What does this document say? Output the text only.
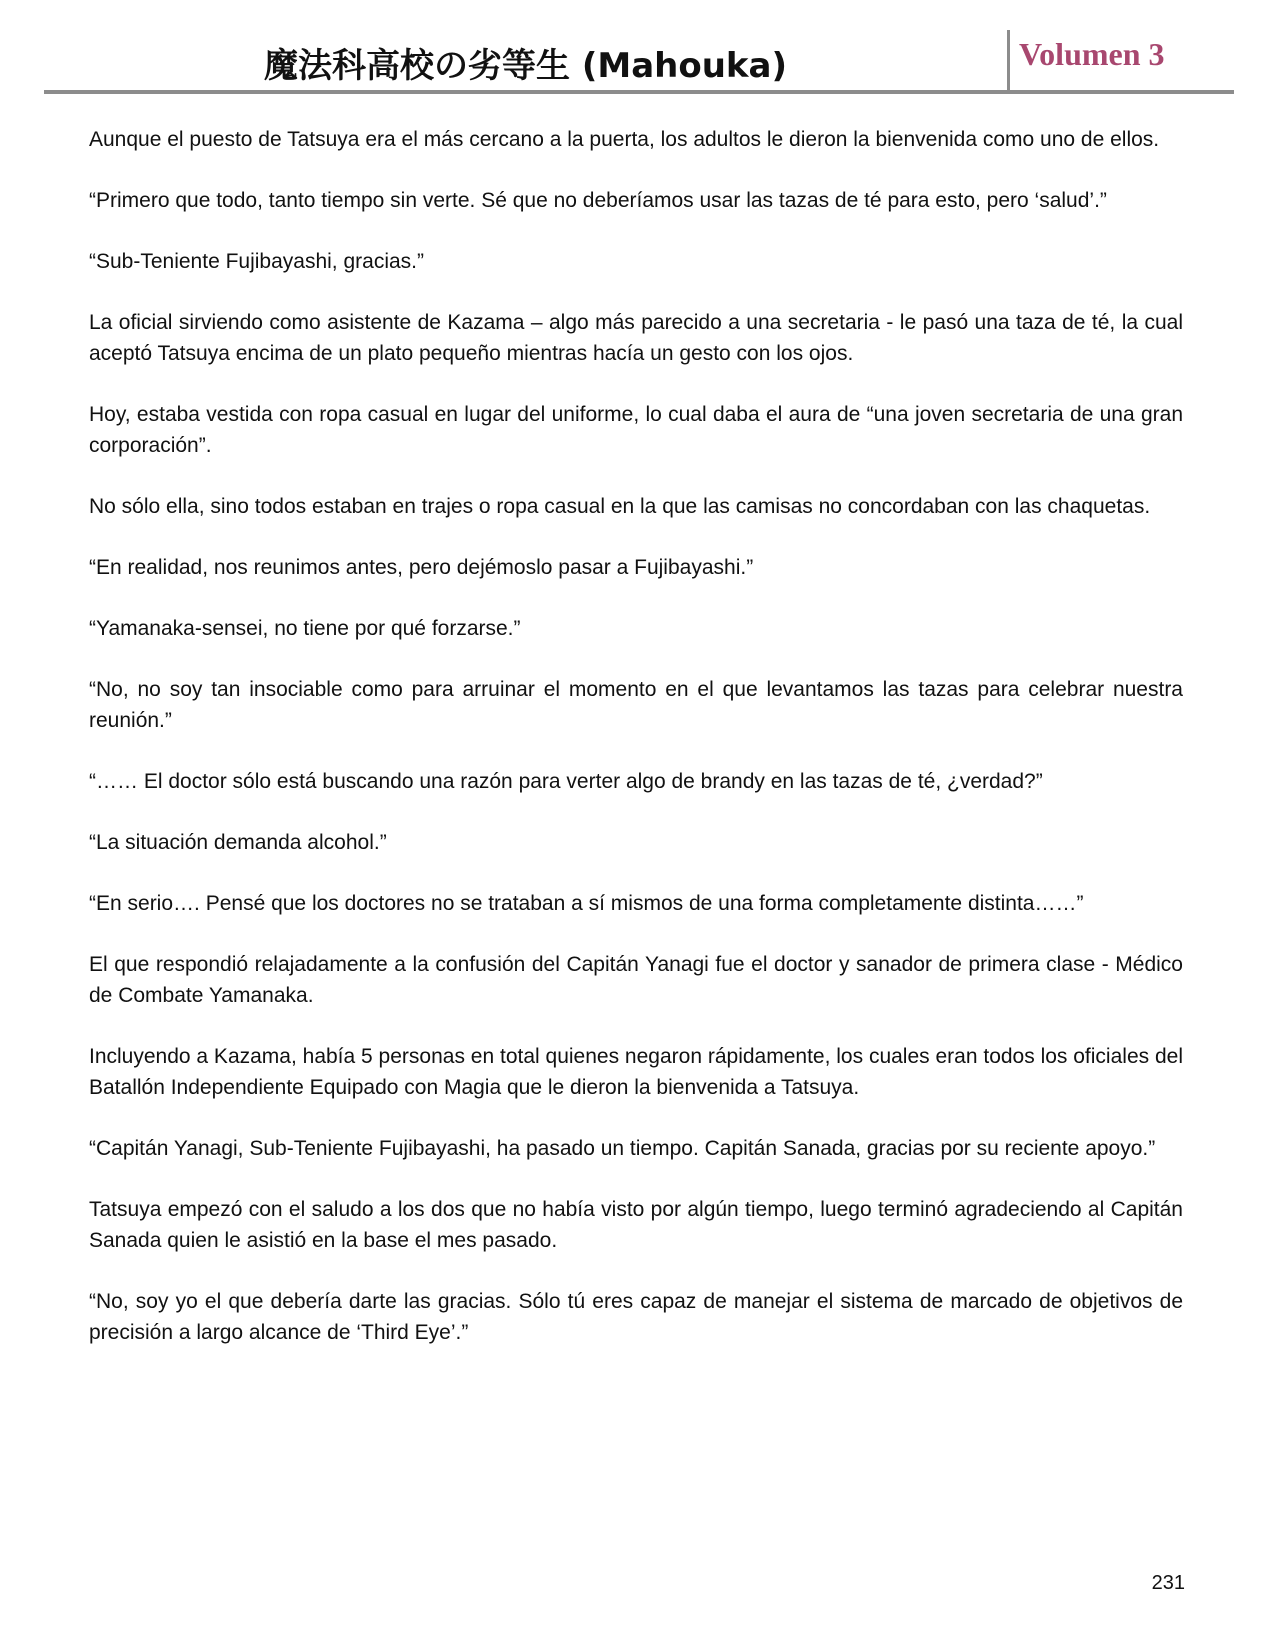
魔法科高校の劣等生 (Mahouka)	Volumen 3

Aunque el puesto de Tatsuya era el más cercano a la puerta, los adultos le dieron la bienvenida como uno de ellos.

“Primero que todo, tanto tiempo sin verte. Sé que no deberíamos usar las tazas de té para esto, pero ‘salud’.”

“Sub-Teniente Fujibayashi, gracias.”

La oficial sirviendo como asistente de Kazama – algo más parecido a una secretaria - le pasó una taza de té, la cual aceptó Tatsuya encima de un plato pequeño mientras hacía un gesto con los ojos.

Hoy, estaba vestida con ropa casual en lugar del uniforme, lo cual daba el aura de “una joven secretaria de una gran corporación”.

No sólo ella, sino todos estaban en trajes o ropa casual en la que las camisas no concordaban con las chaquetas.

“En realidad, nos reunimos antes, pero dejémoslo pasar a Fujibayashi.”

“Yamanaka-sensei, no tiene por qué forzarse.”

“No, no soy tan insociable como para arruinar el momento en el que levantamos las tazas para celebrar nuestra reunión.”

“…… El doctor sólo está buscando una razón para verter algo de brandy en las tazas de té, ¿verdad?”

“La situación demanda alcohol.”

“En serio…. Pensé que los doctores no se trataban a sí mismos de una forma completamente distinta……”

El que respondió relajadamente a la confusión del Capitán Yanagi fue el doctor y sanador de primera clase - Médico de Combate Yamanaka.

Incluyendo a Kazama, había 5 personas en total quienes negaron rápidamente, los cuales eran todos los oficiales del Batallón Independiente Equipado con Magia que le dieron la bienvenida a Tatsuya.

“Capitán Yanagi, Sub-Teniente Fujibayashi, ha pasado un tiempo. Capitán Sanada, gracias por su reciente apoyo.”

Tatsuya empezó con el saludo a los dos que no había visto por algún tiempo, luego terminó agradeciendo al Capitán Sanada quien le asistió en la base el mes pasado.

“No, soy yo el que debería darte las gracias. Sólo tú eres capaz de manejar el sistema de marcado de objetivos de precisión a largo alcance de ‘Third Eye’.”

231
